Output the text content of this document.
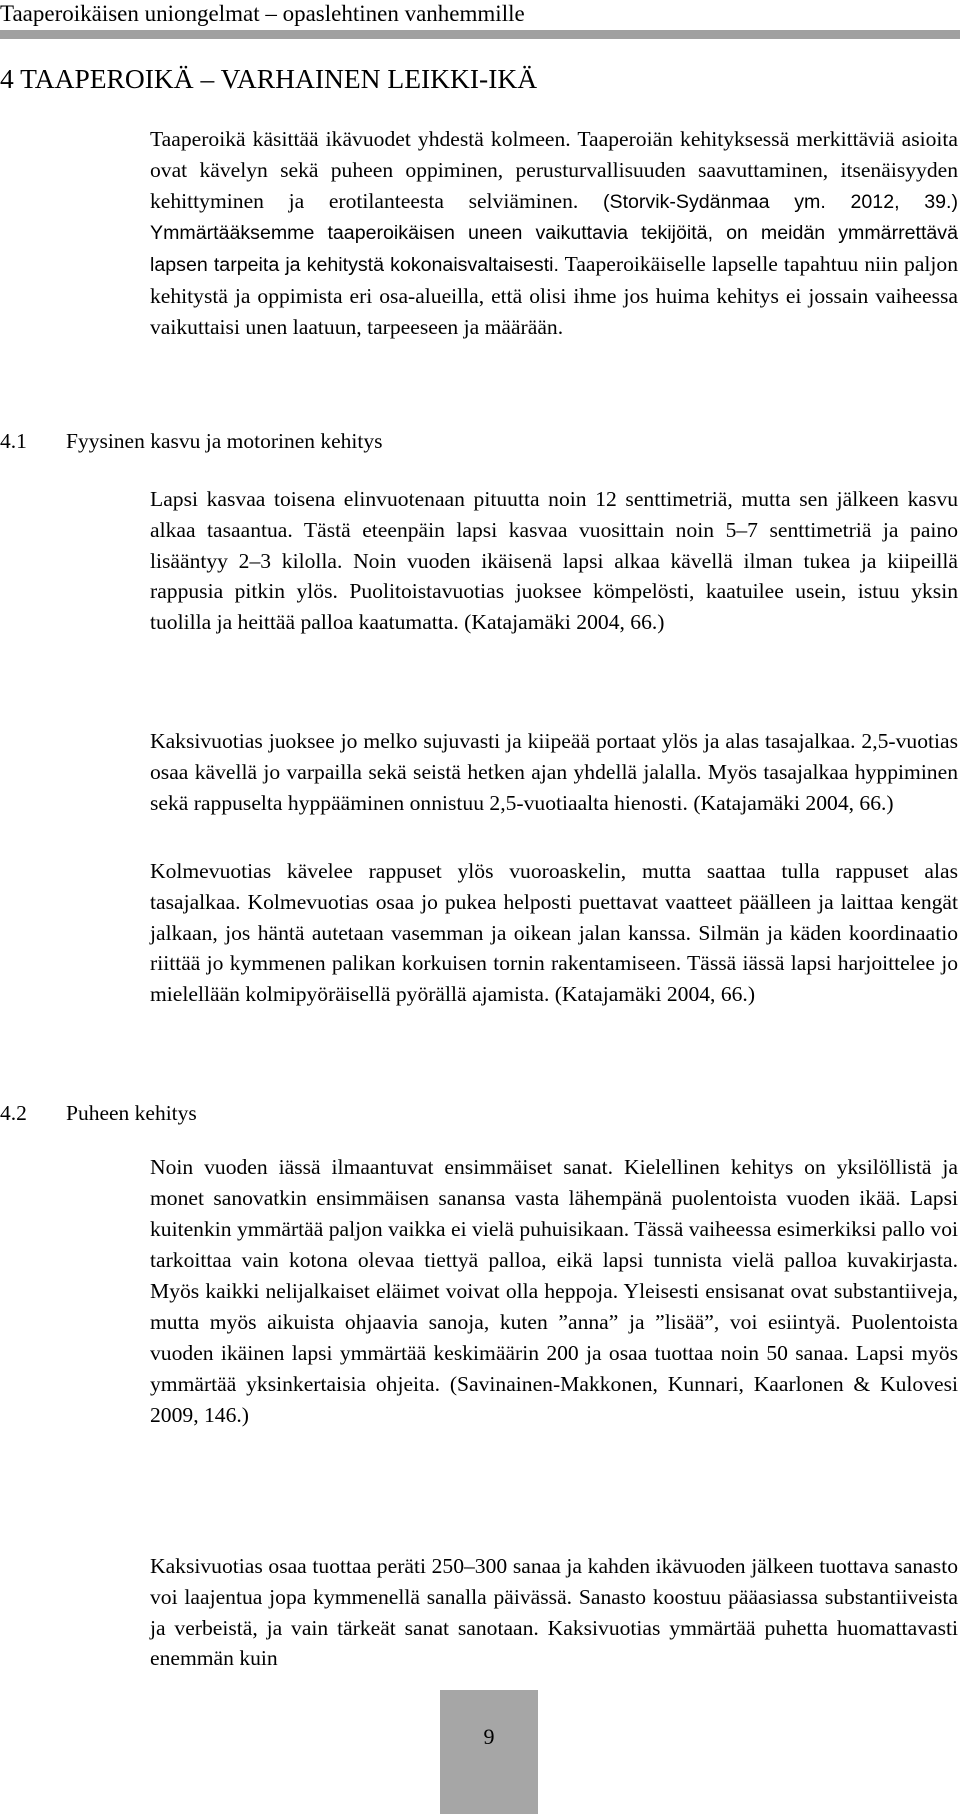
Taaperoikäisen uniongelmat – opaslehtinen vanhemmille
4 TAAPEROIKÄ – VARHAINEN LEIKKI-IKÄ
Taaperoikä käsittää ikävuodet yhdestä kolmeen. Taaperoiän kehityksessä merkittäviä asioita ovat kävelyn sekä puheen oppiminen, perusturvallisuuden saavuttaminen, itsenäisyyden kehittyminen ja erotilanteesta selviäminen. (Storvik-Sydänmaa ym. 2012, 39.) Ymmärtääksemme taaperoikäisen uneen vaikuttavia tekijöitä, on meidän ymmärrettävä lapsen tarpeita ja kehitystä kokonaisvaltaisesti. Taaperoikäiselle lapselle tapahtuu niin paljon kehitystä ja oppimista eri osa-alueilla, että olisi ihme jos huima kehitys ei jossain vaiheessa vaikuttaisi unen laatuun, tarpeeseen ja määrään.
4.1 Fyysinen kasvu ja motorinen kehitys
Lapsi kasvaa toisena elinvuotenaan pituutta noin 12 senttimetriä, mutta sen jälkeen kasvu alkaa tasaantua. Tästä eteenpäin lapsi kasvaa vuosittain noin 5–7 senttimetriä ja paino lisääntyy 2–3 kilolla. Noin vuoden ikäisenä lapsi alkaa kävellä ilman tukea ja kiipeillä rappusia pitkin ylös. Puolitoistavuotias juoksee kömpelösti, kaatuilee usein, istuu yksin tuolilla ja heittää palloa kaatumatta. (Katajamäki 2004, 66.)
Kaksivuotias juoksee jo melko sujuvasti ja kiipeää portaat ylös ja alas tasajalkaa. 2,5-vuotias osaa kävellä jo varpailla sekä seistä hetken ajan yhdellä jalalla. Myös tasajalkaa hyppiminen sekä rappuselta hyppääminen onnistuu 2,5-vuotiaalta hienosti. (Katajamäki 2004, 66.)
Kolmevuotias kävelee rappuset ylös vuoroaskelin, mutta saattaa tulla rappuset alas tasajalkaa. Kolmevuotias osaa jo pukea helposti puettavat vaatteet päälleen ja laittaa kengät jalkaan, jos häntä autetaan vasemman ja oikean jalan kanssa. Silmän ja käden koordinaatio riittää jo kymmenen palikan korkuisen tornin rakentamiseen. Tässä iässä lapsi harjoittelee jo mielellään kolmipyöräisellä pyörällä ajamista. (Katajamäki 2004, 66.)
4.2 Puheen kehitys
Noin vuoden iässä ilmaantuvat ensimmäiset sanat. Kielellinen kehitys on yksilöllistä ja monet sanovatkin ensimmäisen sanansa vasta lähempänä puolentoista vuoden ikää. Lapsi kuitenkin ymmärtää paljon vaikka ei vielä puhuisikaan. Tässä vaiheessa esimerkiksi pallo voi tarkoittaa vain kotona olevaa tiettyä palloa, eikä lapsi tunnista vielä palloa kuvakirjasta. Myös kaikki nelijalkaiset eläimet voivat olla heppoja. Yleisesti ensisanat ovat substantiiveja, mutta myös aikuista ohjaavia sanoja, kuten ”anna” ja ”lisää”, voi esiintyä. Puolentoista vuoden ikäinen lapsi ymmärtää keskimäärin 200 ja osaa tuottaa noin 50 sanaa. Lapsi myös ymmärtää yksinkertaisia ohjeita. (Savinainen-Makkonen, Kunnari, Kaarlonen & Kulovesi 2009, 146.)
Kaksivuotias osaa tuottaa peräti 250–300 sanaa ja kahden ikävuoden jälkeen tuottava sanasto voi laajentua jopa kymmenellä sanalla päivässä. Sanasto koostuu pääasiassa substantiiveista ja verbeistä, ja vain tärkeät sanat sanotaan. Kaksivuotias ymmärtää puhetta huomattavasti enemmän kuin
9
